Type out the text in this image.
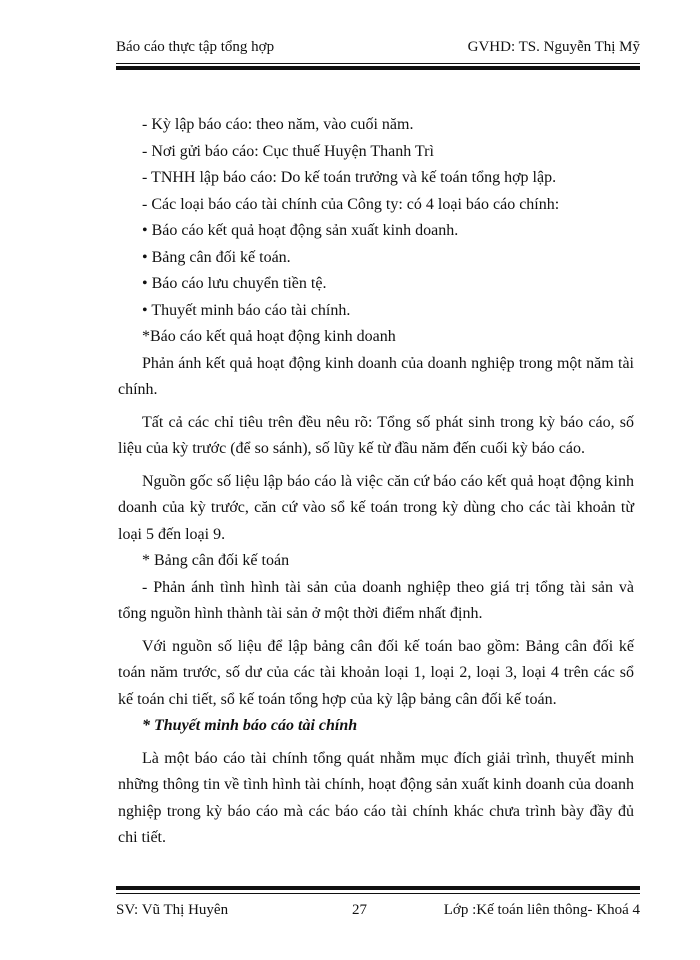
Báo cáo thực tập tổng hợp	GVHD: TS. Nguyễn Thị Mỹ

- Kỳ lập báo cáo: theo năm, vào cuối năm.

- Nơi gửi báo cáo: Cục thuế Huyện Thanh Trì

- TNHH lập báo cáo: Do kế toán trưởng và kế toán tổng hợp lập.

- Các loại báo cáo tài chính của Công ty: có 4 loại báo cáo chính:

• Báo cáo kết quả hoạt động sản xuất kinh doanh.

• Bảng cân đối kế toán.

• Báo cáo lưu chuyển tiền tệ.

• Thuyết minh báo cáo tài chính.

*Báo cáo kết quả hoạt động kinh doanh

Phản ánh kết quả hoạt động kinh doanh của doanh nghiệp trong một năm tài chính.

Tất cả các chỉ tiêu trên đều nêu rõ: Tổng số phát sinh trong kỳ báo cáo, số liệu của kỳ trước (để so sánh), số lũy kế từ đầu năm đến cuối kỳ báo cáo.

Nguồn gốc số liệu lập báo cáo là việc căn cứ báo cáo kết quả hoạt động kinh doanh của kỳ trước, căn cứ vào sổ kế toán trong kỳ dùng cho các tài khoản từ loại 5 đến loại 9.

* Bảng cân đối kế toán

- Phản ánh tình hình tài sản của doanh nghiệp theo giá trị tổng tài sản và tổng nguồn hình thành tài sản ở một thời điểm nhất định.

Với nguồn số liệu để lập bảng cân đối kế toán bao gồm: Bảng cân đối kế toán năm trước, số dư của các tài khoản loại 1, loại 2, loại 3, loại 4 trên các sổ kế toán chi tiết, sổ kế toán tổng hợp của kỳ lập bảng cân đối kế toán.

* Thuyết minh báo cáo tài chính

Là một báo cáo tài chính tổng quát nhằm mục đích giải trình, thuyết minh những thông tin về tình hình tài chính, hoạt động sản xuất kinh doanh của doanh nghiệp trong kỳ báo cáo mà các báo cáo tài chính khác chưa trình bày đầy đủ chi tiết.

SV: Vũ Thị Huyên	27	Lớp :Kế toán liên thông- Khoá 4
